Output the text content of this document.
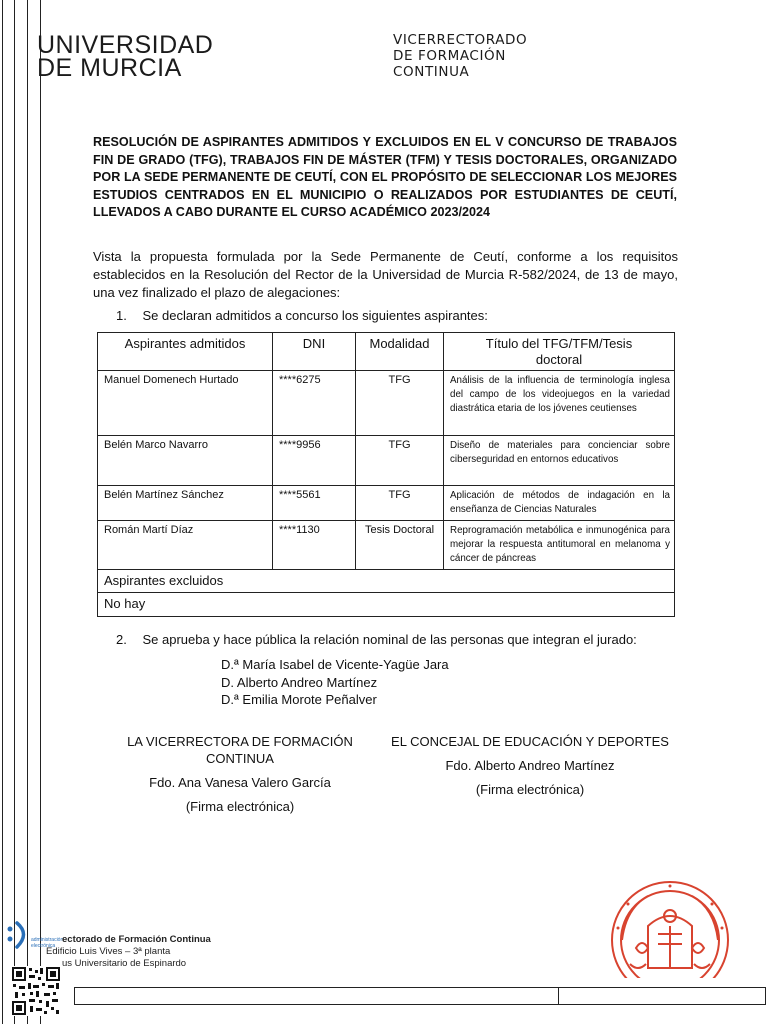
UNIVERSIDAD
DE MURCIA
VICERRECTORADO
DE FORMACIÓN
CONTINUA
RESOLUCIÓN DE ASPIRANTES ADMITIDOS Y EXCLUIDOS EN EL V CONCURSO DE TRABAJOS FIN DE GRADO (TFG), TRABAJOS FIN DE MÁSTER (TFM) Y TESIS DOCTORALES, ORGANIZADO POR LA SEDE PERMANENTE DE CEUTÍ, CON EL PROPÓSITO DE SELECCIONAR LOS MEJORES ESTUDIOS CENTRADOS EN EL MUNICIPIO O REALIZADOS POR ESTUDIANTES DE CEUTÍ, LLEVADOS A CABO DURANTE EL CURSO ACADÉMICO 2023/2024
Vista la propuesta formulada por la Sede Permanente de Ceutí, conforme a los requisitos establecidos en la Resolución del Rector de la Universidad de Murcia R-582/2024, de 13 de mayo, una vez finalizado el plazo de alegaciones:
1. Se declaran admitidos a concurso los siguientes aspirantes:
Aspirantes admitidos	DNI	Modalidad	Título del TFG/TFM/Tesis doctoral
Manuel Domenech Hurtado	****6275	TFG	Análisis de la influencia de terminología inglesa del campo de los videojuegos en la variedad diastrática etaria de los jóvenes ceutienses
Belén Marco Navarro	****9956	TFG	Diseño de materiales para concienciar sobre ciberseguridad en entornos educativos
Belén Martínez Sánchez	****5561	TFG	Aplicación de métodos de indagación en la enseñanza de Ciencias Naturales
Román Martí Díaz	****1130	Tesis Doctoral	Reprogramación metabólica e inmunogénica para mejorar la respuesta antitumoral en melanoma y cáncer de páncreas
Aspirantes excluidos			
No hay			
2. Se aprueba y hace pública la relación nominal de las personas que integran el jurado:
D.ª María Isabel de Vicente-Yagüe Jara
D. Alberto Andreo Martínez
D.ª Emilia Morote Peñalver
LA VICERRECTORA DE FORMACIÓN
CONTINUA
Fdo. Ana Vanesa Valero García
(Firma electrónica)
EL CONCEJAL DE EDUCACIÓN Y DEPORTES
Fdo. Alberto Andreo Martínez
(Firma electrónica)
administración electrónica
ectorado de Formación Continua
Edificio Luis Vives – 3ª planta
us Universitario de Espinardo
